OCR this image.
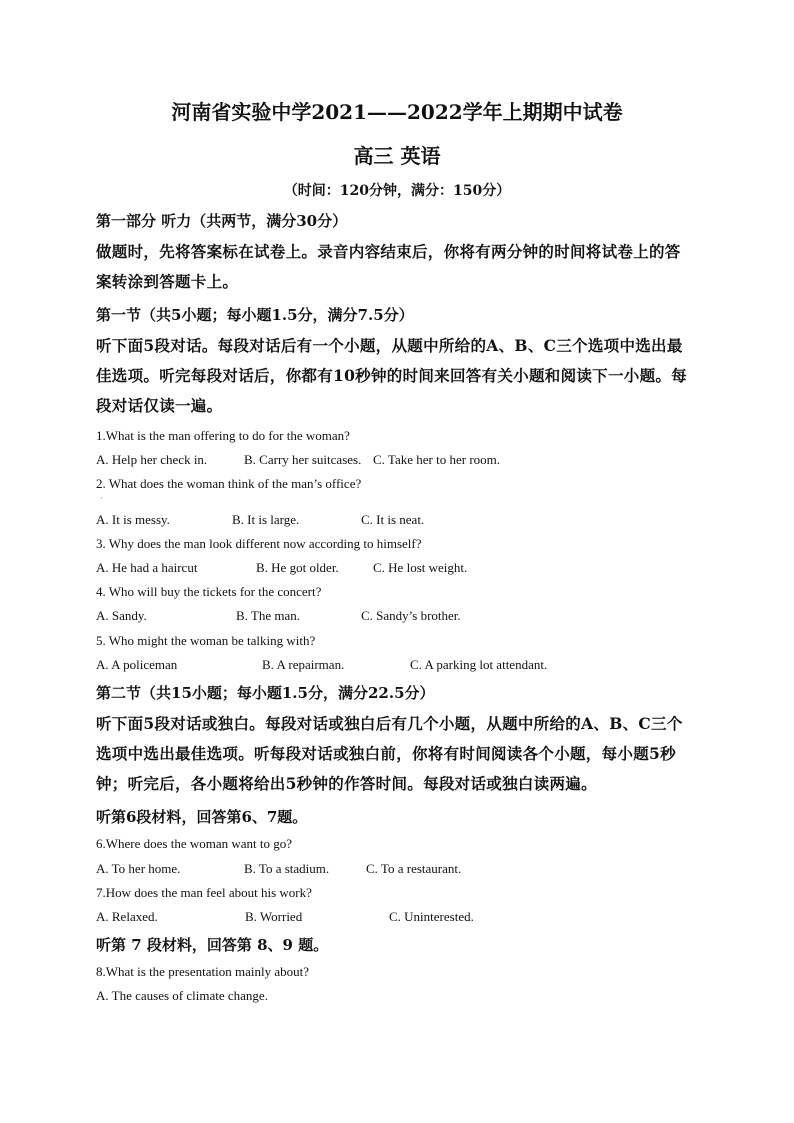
河南省实验中学2021——2022学年上期期中试卷
高三 英语
（时间：120分钟，满分：150分）
第一部分 听力（共两节，满分30分）
做题时，先将答案标在试卷上。录音内容结束后，你将有两分钟的时间将试卷上的答
案转涂到答题卡上。
第一节（共5小题；每小题1.5分，满分7.5分）
听下面5段对话。每段对话后有一个小题，从题中所给的A、B、C三个选项中选出最
佳选项。听完每段对话后，你都有10秒钟的时间来回答有关小题和阅读下一小题。每
段对话仅读一遍。
1.What is the man offering to do for the woman?
A. Help her check in.	B. Carry her suitcases. C. Take her to her room.
2. What does the woman think of the man’s office?
·
A. It is messy.	B. It is large.	C. It is neat.
3. Why does the man look different now according to himself?
A. He had a haircut	B. He got older.	C. He lost weight.
4. Who will buy the tickets for the concert?
A. Sandy.	B. The man.	C. Sandy’s brother.
5. Who might the woman be talking with?
A. A policeman	B. A repairman.	C. A parking lot attendant.
第二节（共15小题；每小题1.5分，满分22.5分）
听下面5段对话或独白。每段对话或独白后有几个小题，从题中所给的A、B、C三个
选项中选出最佳选项。听每段对话或独白前，你将有时间阅读各个小题，每小题5秒
钟；听完后，各小题将给出5秒钟的作答时间。每段对话或独白读两遍。
听第6段材料，回答第6、7题。
6.Where does the woman want to go?
A. To her home.	B. To a stadium.	C. To a restaurant.
7.How does the man feel about his work?
A. Relaxed.	B. Worried	C. Uninterested.
听第 7 段材料，回答第 8、9 题。
8.What is the presentation mainly about?
A. The causes of climate change.
